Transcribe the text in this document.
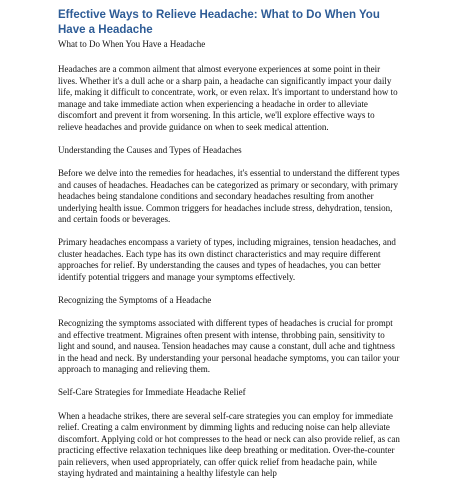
Effective Ways to Relieve Headache: What to Do When You Have a Headache

What to Do When You Have a Headache

Headaches are a common ailment that almost everyone experiences at some point in their lives. Whether it's a dull ache or a sharp pain, a headache can significantly impact your daily life, making it difficult to concentrate, work, or even relax. It's important to understand how to manage and take immediate action when experiencing a headache in order to alleviate discomfort and prevent it from worsening. In this article, we'll explore effective ways to relieve headaches and provide guidance on when to seek medical attention.

Understanding the Causes and Types of Headaches

Before we delve into the remedies for headaches, it's essential to understand the different types and causes of headaches. Headaches can be categorized as primary or secondary, with primary headaches being standalone conditions and secondary headaches resulting from another underlying health issue. Common triggers for headaches include stress, dehydration, tension, and certain foods or beverages.

Primary headaches encompass a variety of types, including migraines, tension headaches, and cluster headaches. Each type has its own distinct characteristics and may require different approaches for relief. By understanding the causes and types of headaches, you can better identify potential triggers and manage your symptoms effectively.

Recognizing the Symptoms of a Headache

Recognizing the symptoms associated with different types of headaches is crucial for prompt and effective treatment. Migraines often present with intense, throbbing pain, sensitivity to light and sound, and nausea. Tension headaches may cause a constant, dull ache and tightness in the head and neck. By understanding your personal headache symptoms, you can tailor your approach to managing and relieving them.

Self-Care Strategies for Immediate Headache Relief

When a headache strikes, there are several self-care strategies you can employ for immediate relief. Creating a calm environment by dimming lights and reducing noise can help alleviate discomfort. Applying cold or hot compresses to the head or neck can also provide relief, as can practicing effective relaxation techniques like deep breathing or meditation. Over-the-counter pain relievers, when used appropriately, can offer quick relief from headache pain, while staying hydrated and maintaining a healthy lifestyle can help
